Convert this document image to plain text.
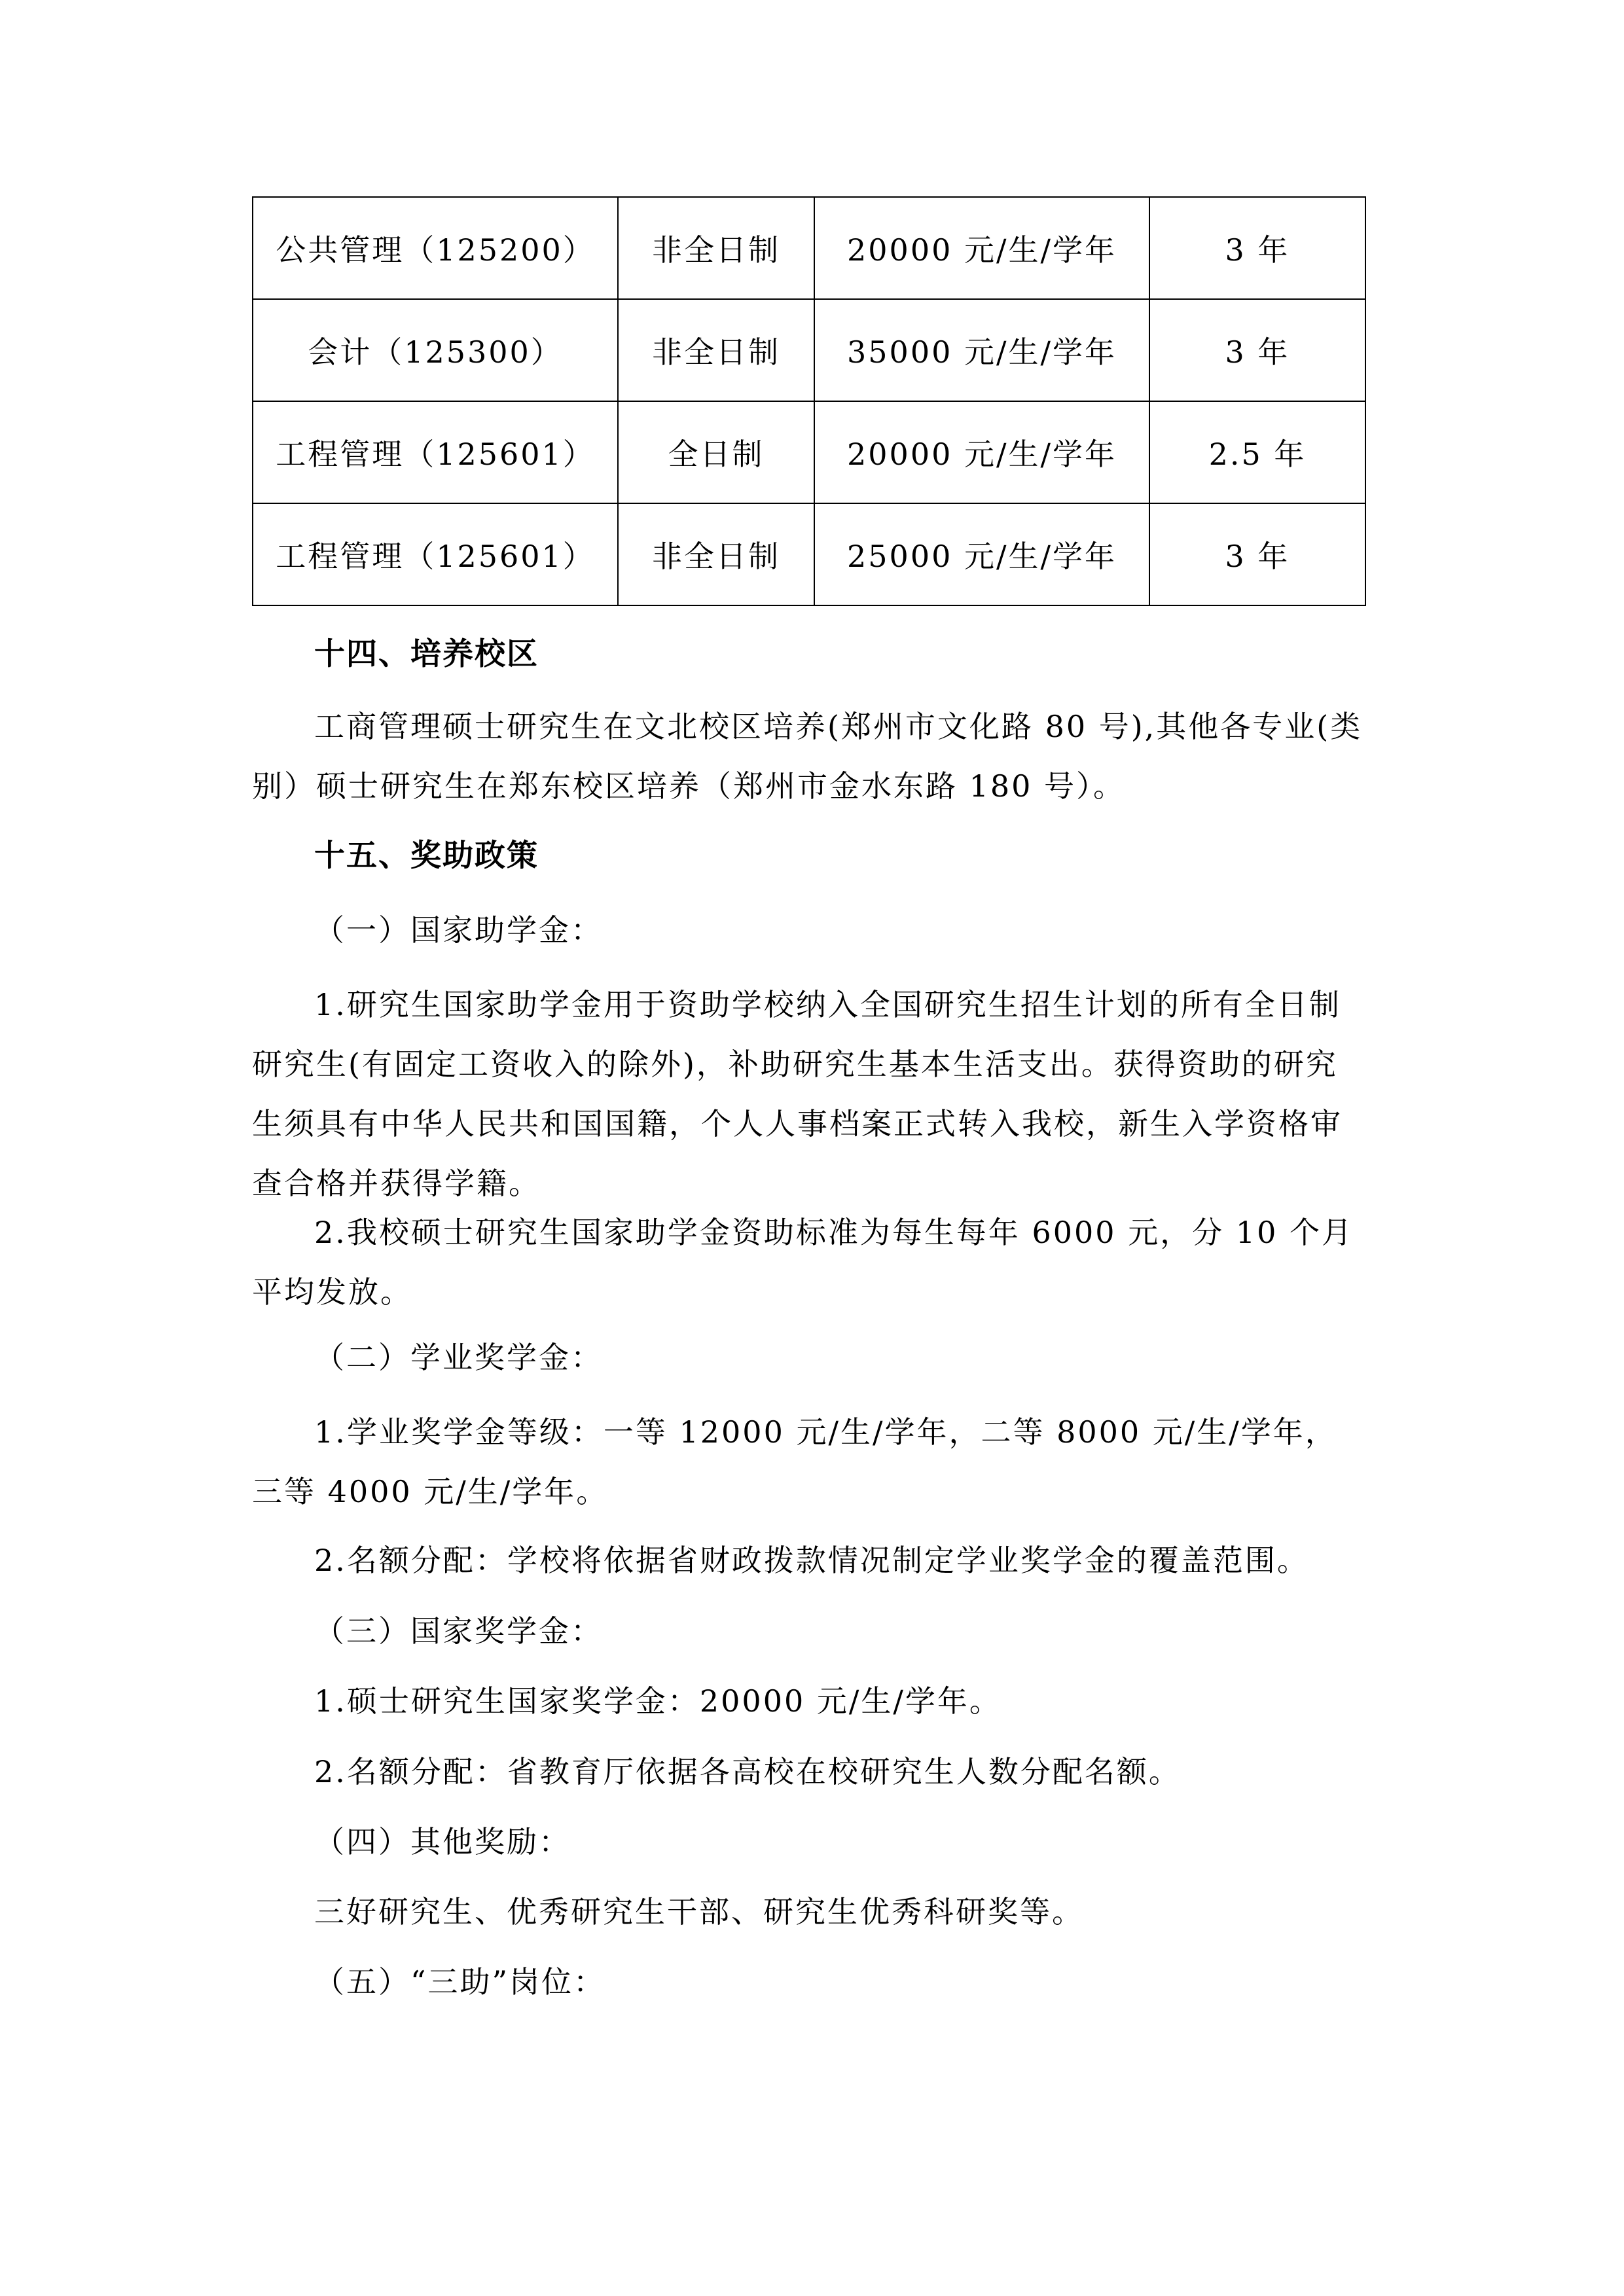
公共管理（125200）	非全日制	20000 元/生/学年	3 年
会计（125300）	非全日制	35000 元/生/学年	3 年
工程管理（125601）	全日制	20000 元/生/学年	2.5 年
工程管理（125601）	非全日制	25000 元/生/学年	3 年
十四、培养校区
工商管理硕士研究生在文北校区培养(郑州市文化路 80 号),其他各专业(类别）硕士研究生在郑东校区培养（郑州市金水东路 180 号）。
十五、奖助政策
（一）国家助学金：
1.研究生国家助学金用于资助学校纳入全国研究生招生计划的所有全日制研究生(有固定工资收入的除外)，补助研究生基本生活支出。获得资助的研究生须具有中华人民共和国国籍，个人人事档案正式转入我校，新生入学资格审查合格并获得学籍。
2.我校硕士研究生国家助学金资助标准为每生每年 6000 元，分 10 个月平均发放。
（二）学业奖学金：
1.学业奖学金等级：一等 12000 元/生/学年，二等 8000 元/生/学年，三等 4000 元/生/学年。
2.名额分配：学校将依据省财政拨款情况制定学业奖学金的覆盖范围。
（三）国家奖学金：
1.硕士研究生国家奖学金：20000 元/生/学年。
2.名额分配：省教育厅依据各高校在校研究生人数分配名额。
（四）其他奖励：
三好研究生、优秀研究生干部、研究生优秀科研奖等。
（五）“三助”岗位：
